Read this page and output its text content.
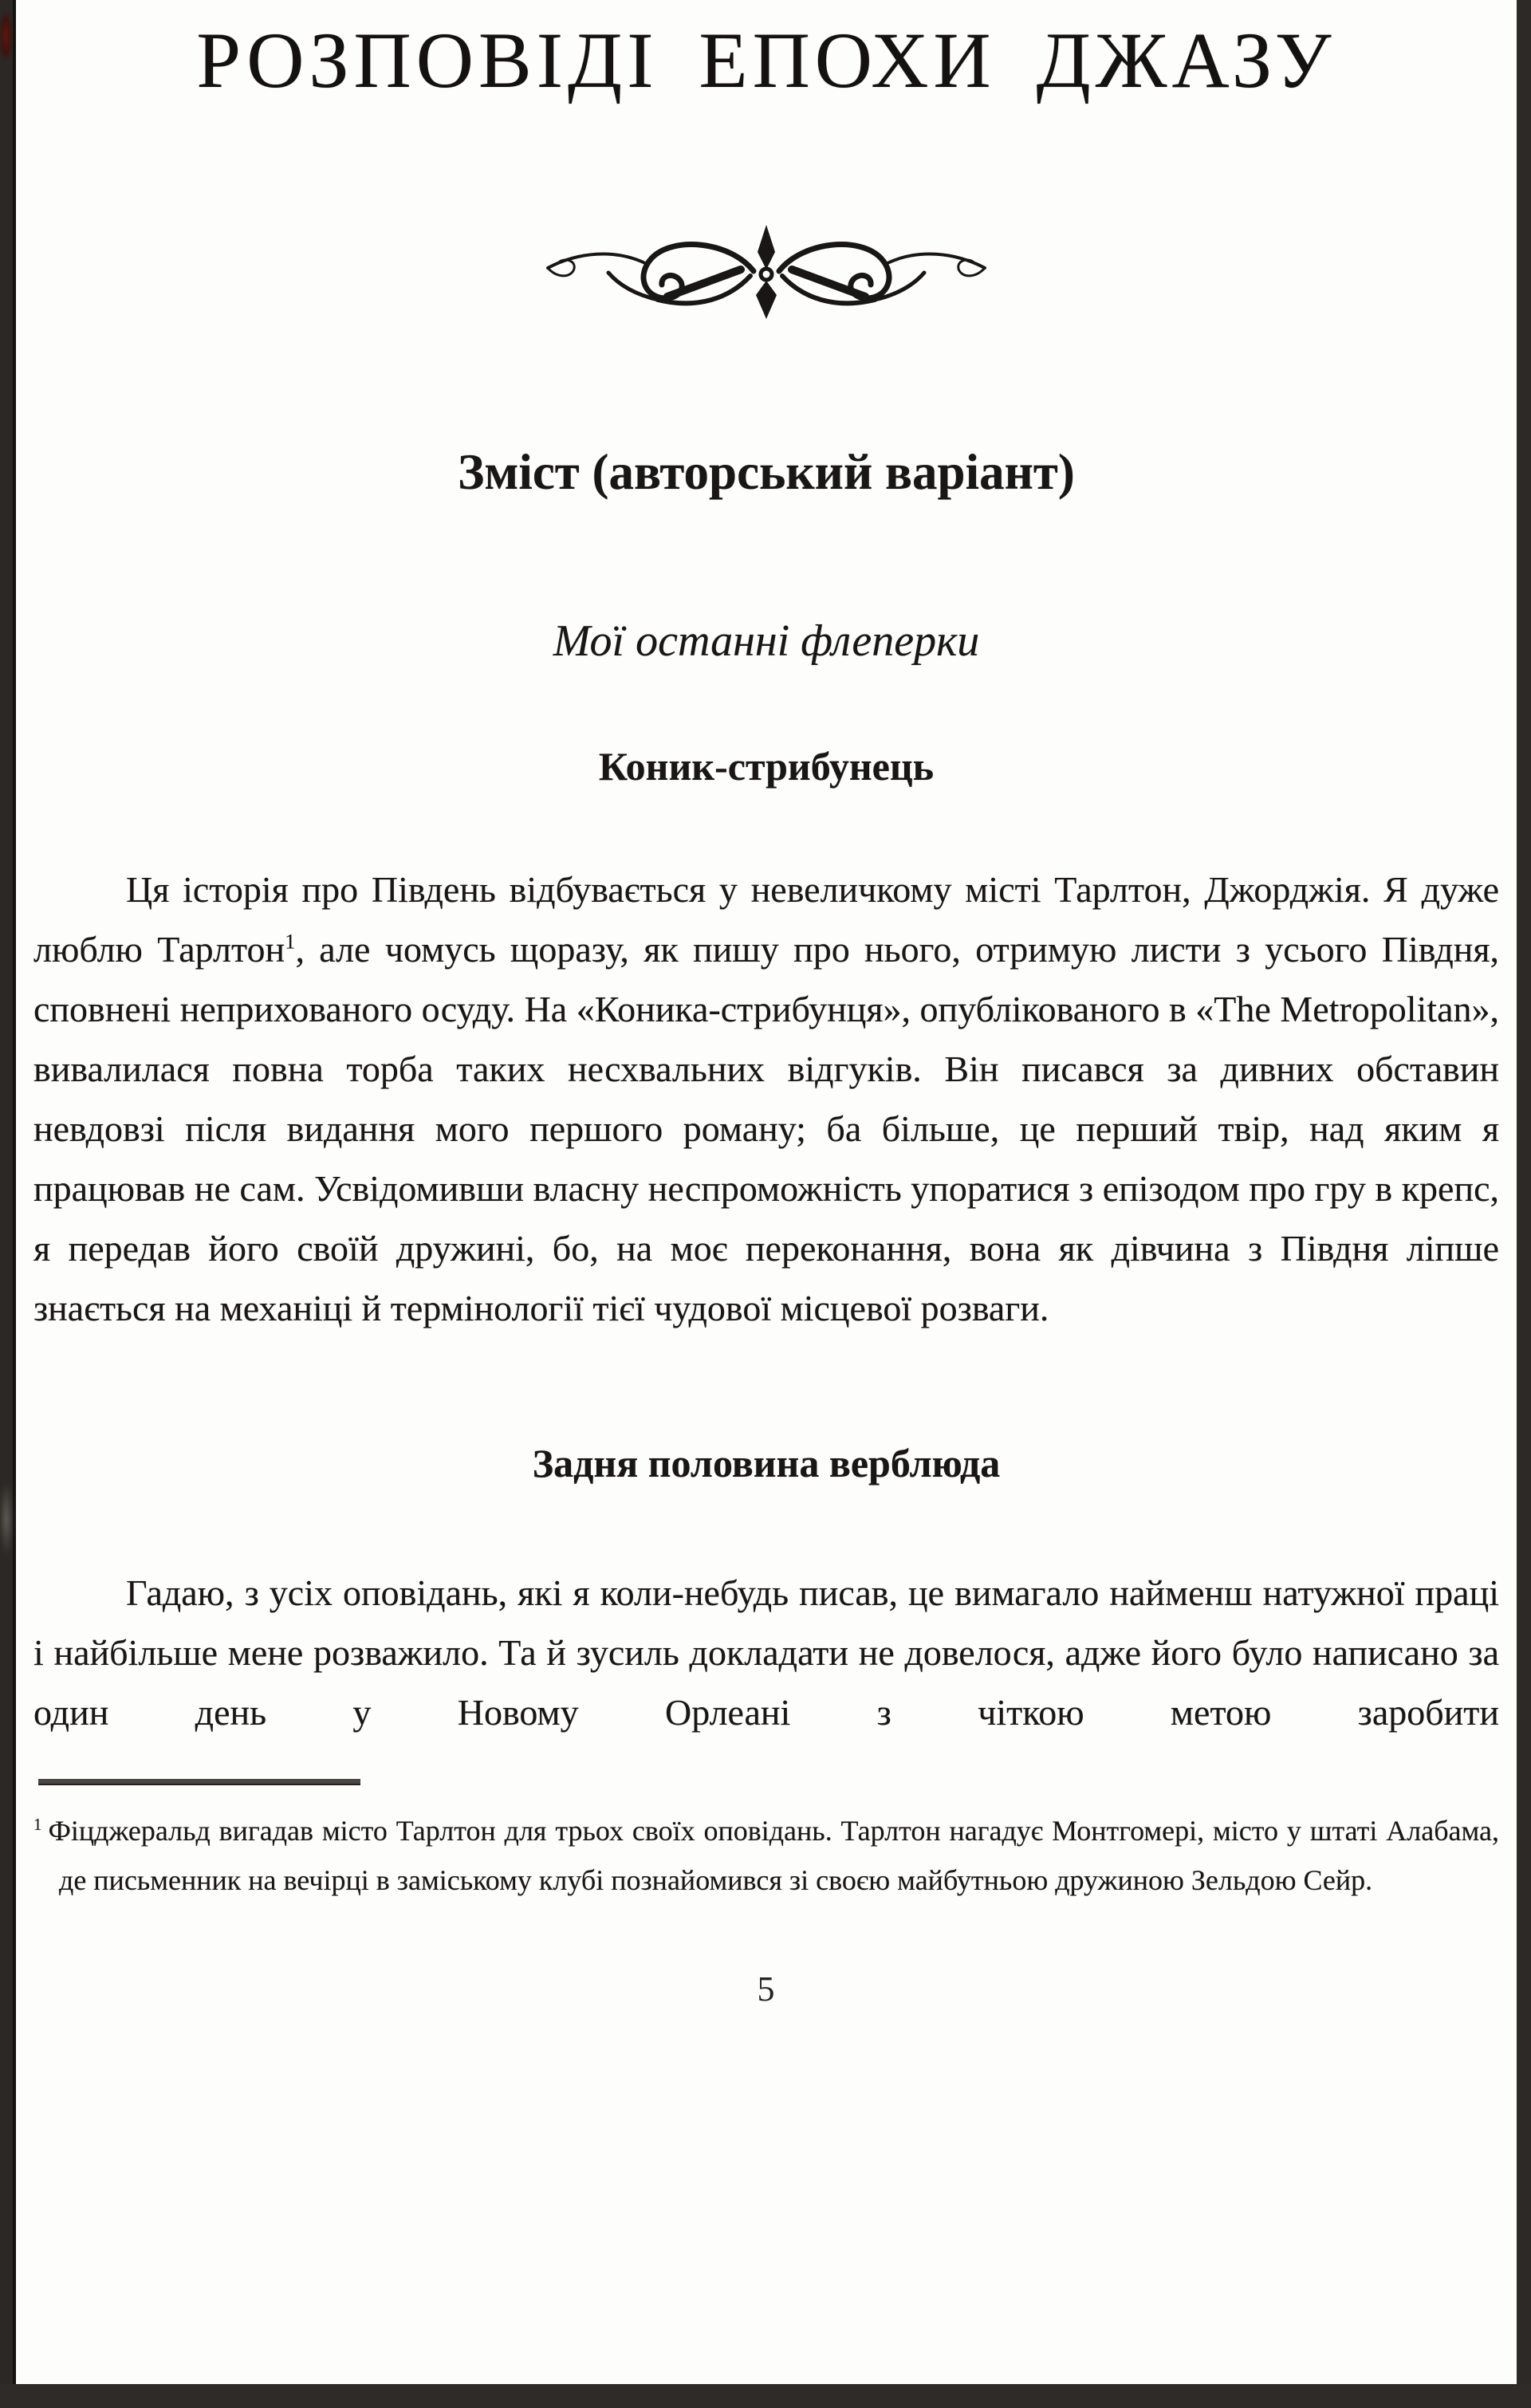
РОЗПОВІДІ ЕПОХИ ДЖАЗУ
Зміст (авторський варіант)
Мої останні флеперки
Коник-стрибунець
Ця історія про Південь відбувається у невеличкому місті Тарлтон, Джорджія. Я дуже люблю Тарлтон$^1$, але чомусь щоразу, як пишу про нього, отримую листи з усього Півдня, сповнені неприхованого осуду. На «Коника-стрибунця», опублікованого в «The Metropolitan», вивалилася повна торба таких несхвальних відгуків. Він писався за дивних обставин невдовзі після видання мого першого роману; ба більше, це перший твір, над яким я працював не сам. Усвідомивши власну неспроможність упоратися з епізодом про гру в крепс, я передав його своїй дружині, бо, на моє переконання, вона як дівчина з Півдня ліпше знається на механіці й термінології тієї чудової місцевої розваги.
Задня половина верблюда
Гадаю, з усіх оповідань, які я коли-небудь писав, це вимагало найменш натужної праці і найбільше мене розважило. Та й зусиль докладати не довелося, адже його було написано за один день у Новому Орлеані з чіткою метою заробити
$^1$ Фіцджеральд вигадав місто Тарлтон для трьох своїх оповідань. Тарлтон нагадує Монтгомері, місто у штаті Алабама, де письменник на вечірці в заміському клубі познайомився зі своєю майбутньою дружиною Зельдою Сейр.
5
